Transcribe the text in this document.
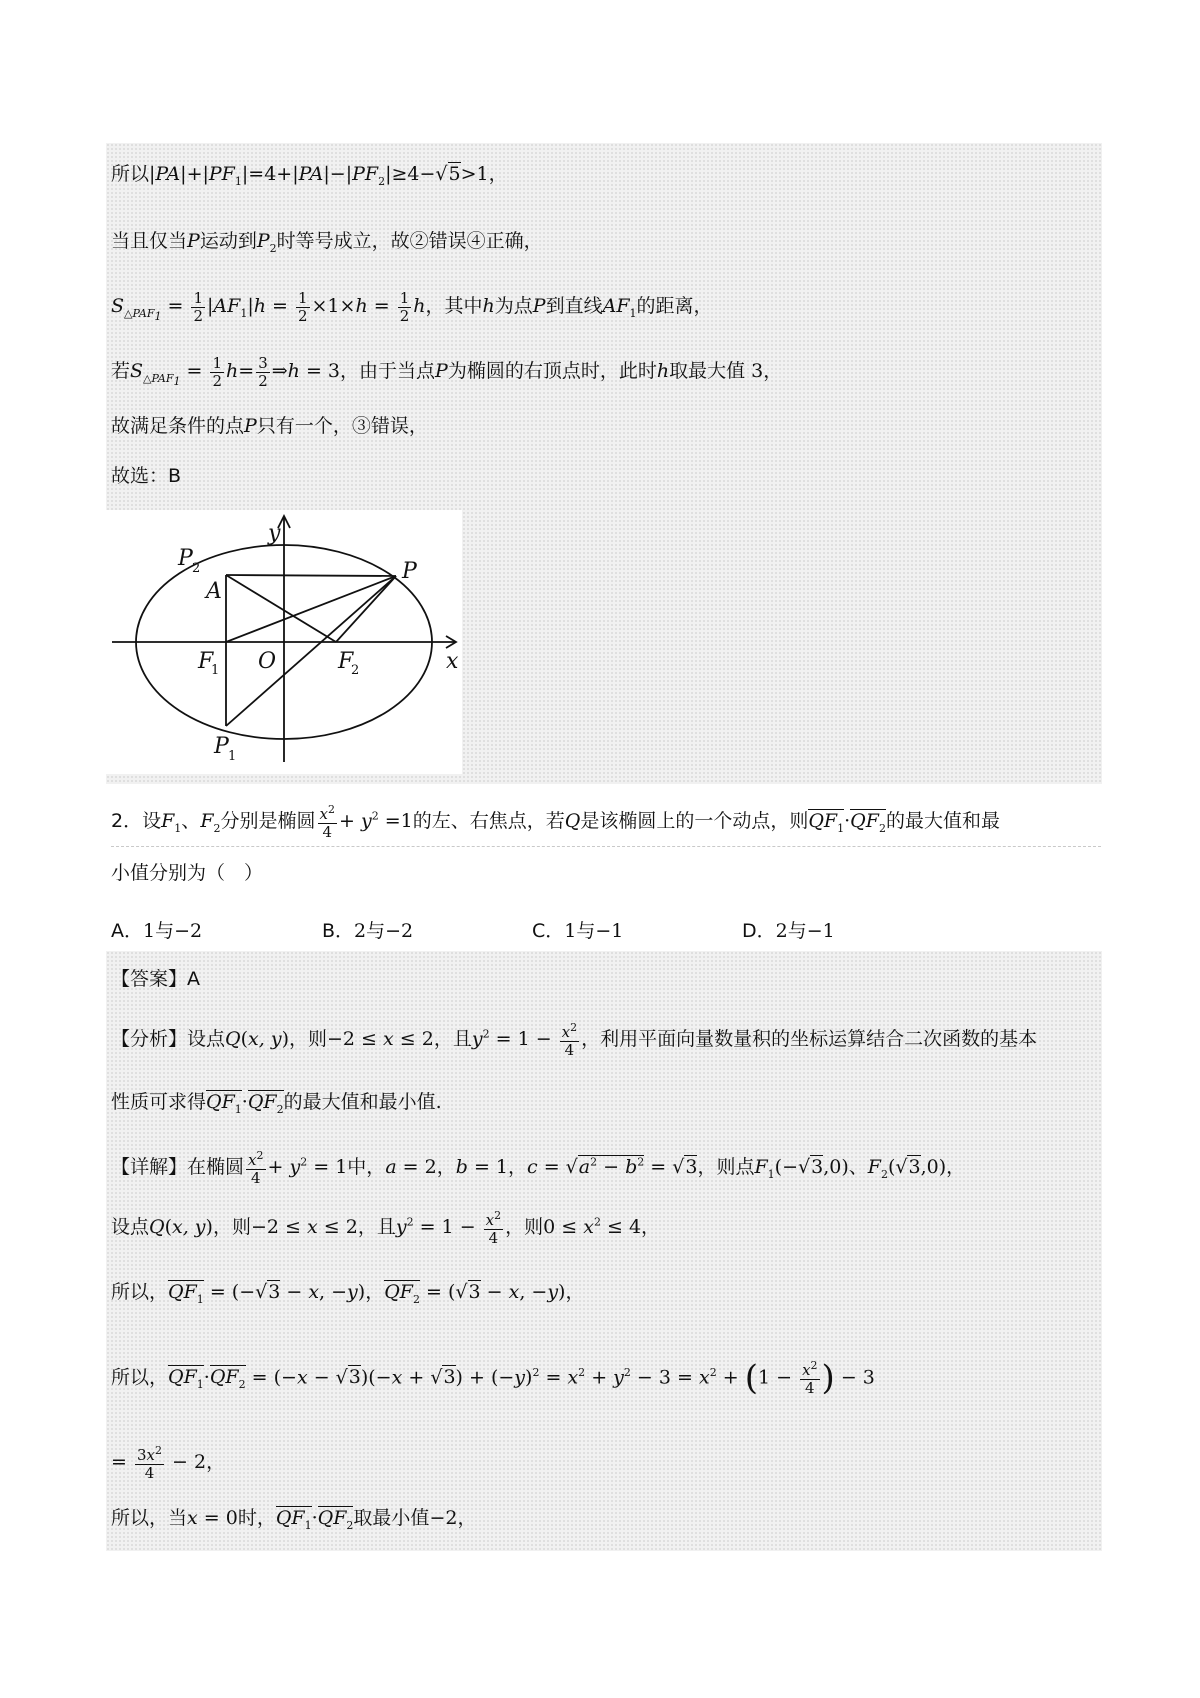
所以$|PA|+|PF_1|=4+|PA|-|PF_2|\ge 4-√5>1$，
当且仅当P运动到$P_2$时等号成立，故②错误④正确，
$S_{\triangle PAF_1} = \frac{1}{2} |AF_1|h = \frac{1}{2} \times 1\times h = \frac{1}{2}$ h，其中h为点P到直线$AF_1$的距离，
若$S_{\triangle PAF_1} = \frac{1}{2} h= \frac{3}{2}$ ⇒h = 3，由于当点P为椭圆的右顶点时，此时h取最大值 3，
故满足条件的点P只有一个，③错误，
故选：B
y
x
P
P 2
A
F
1 O	F
2
P 1
2．设$F_1$、$F_2$分别是椭圆 $\frac{x^2}{4} + y^2 =1$的左、右焦点，若Q是该椭圆上的一个动点，则$QF_1\cdot QF_2$的最大值和最
小值分别为（　）
A．1与−2	B．2与−2	C．1与−1	D．2与−1
【答案】A
【分析】设点Q(x, y)，则−2 ≤ x ≤ 2，且$y^2 = 1 - \frac{x^2}{4}$ ，利用平面向量数量积的坐标运算结合二次函数的基本
性质可求得$QF_1\cdot QF_2$的最大值和最小值.
【详解】在椭圆 $\frac{x^2}{4} + y^2 = 1$中，a = 2，b = 1，$c = √a^2 - b^2 = √3$，则点$F_1(-√3,0)$、$F_2(√3,0)$，
设点Q(x, y)，则−2 ≤ x ≤ 2，且$y^2 = 1 - \frac{x^2}{4}$ ，则$0 \le x^2 \le 4$，
所以，$QF_1 = (-√3 - x$, −y)，$QF_2 = (√3 - x$, −y)，
所以，$QF_1\cdot QF_2 = (-x - √3)(-x + √3) + (-y)^2 = x^2 + y^2 - 3 = x^2 + (1 - \frac{x^2}{4}$ ) − 3
= $\frac{3x^2}{4} - 2$，
所以，当x = 0时，$QF_1\cdot QF_2$取最小值−2，
